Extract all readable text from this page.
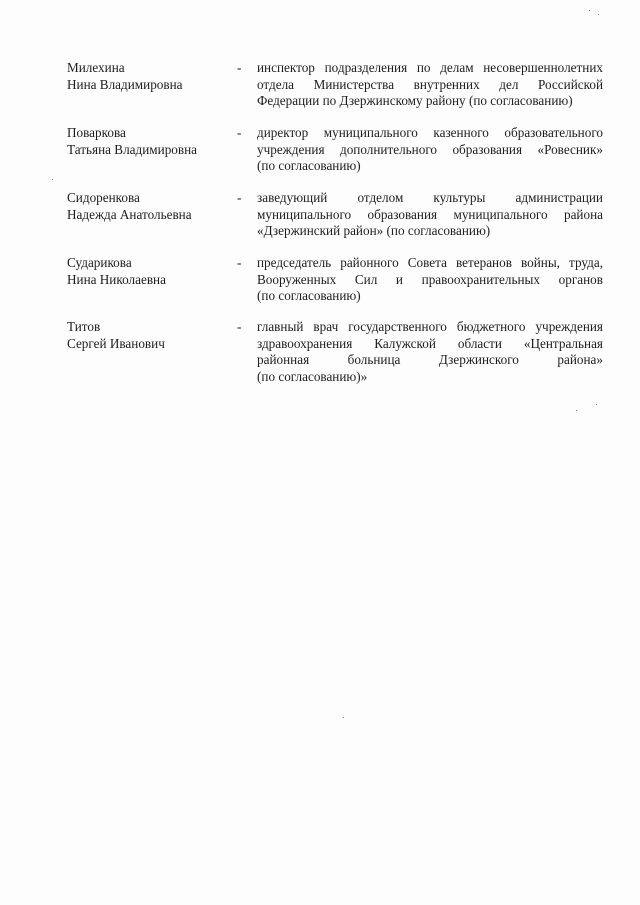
Милехина
Нина Владимировна
- инспектор подразделения по делам несовершеннолетних
отдела Министерства внутренних дел Российской
Федерации по Дзержинскому району (по согласованию)
Поваркова
Татьяна Владимировна
- директор муниципального казенного образовательного
учреждения дополнительного образования «Ровесник»
(по согласованию)
Сидоренкова
Надежда Анатольевна
- заведующий отделом культуры администрации
муниципального образования муниципального района
«Дзержинский район» (по согласованию)
Сударикова
Нина Николаевна
- председатель районного Совета ветеранов войны, труда,
Вооруженных Сил и правоохранительных органов
(по согласованию)
Титов
Сергей Иванович
- главный врач государственного бюджетного учреждения
здравоохранения Калужской области «Центральная
районная больница Дзержинского района»
(по согласованию)»
